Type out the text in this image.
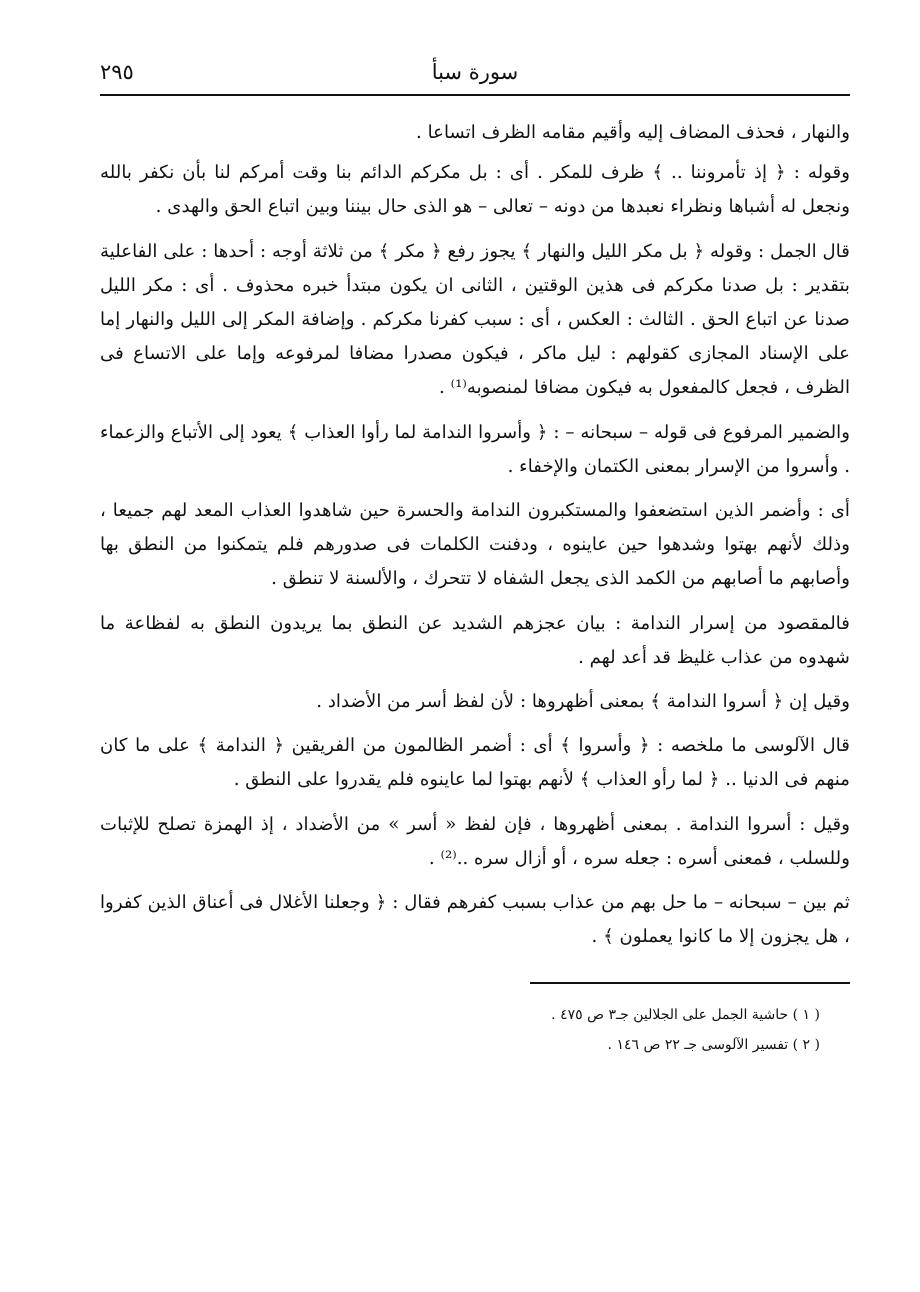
سورة سبأ
٢٩٥

والنهار ، فحذف المضاف إليه وأقيم مقامه الظرف اتساعا .

وقوله : ﴿ إذ تأمروننا .. ﴾ ظرف للمكر . أى : بل مكركم الدائم بنا وقت أمركم لنا بأن نكفر بالله ونجعل له أشباها ونظراء نعبدها من دونه – تعالى – هو الذى حال بيننا وبين اتباع الحق والهدى .

قال الجمل : وقوله ﴿ بل مكر الليل والنهار ﴾ يجوز رفع ﴿ مكر ﴾ من ثلاثة أوجه : أحدها : على الفاعلية بتقدير : بل صدنا مكركم فى هذين الوقتين ، الثانى ان يكون مبتدأ خبره محذوف . أى : مكر الليل صدنا عن اتباع الحق . الثالث : العكس ، أى : سبب كفرنا مكركم . وإضافة المكر إلى الليل والنهار إما على الإسناد المجازى كقولهم : ليل ماكر ، فيكون مصدرا مضافا لمرفوعه وإما على الاتساع فى الظرف ، فجعل كالمفعول به فيكون مضافا لمنصوبه⁽¹⁾ .

والضمير المرفوع فى قوله – سبحانه – : ﴿ وأسروا الندامة لما رأوا العذاب ﴾ يعود إلى الأتباع والزعماء . وأسروا من الإسرار بمعنى الكتمان والإخفاء .

أى : وأضمر الذين استضعفوا والمستكبرون الندامة والحسرة حين شاهدوا العذاب المعد لهم جميعا ، وذلك لأنهم بهتوا وشدهوا حين عاينوه ، ودفنت الكلمات فى صدورهم فلم يتمكنوا من النطق بها وأصابهم ما أصابهم من الكمد الذى يجعل الشفاه لا تتحرك ، والألسنة لا تنطق .

فالمقصود من إسرار الندامة : بيان عجزهم الشديد عن النطق بما يريدون النطق به لفظاعة ما شهدوه من عذاب غليظ قد أعد لهم .

وقيل إن ﴿ أسروا الندامة ﴾ بمعنى أظهروها : لأن لفظ أسر من الأضداد .

قال الآلوسى ما ملخصه : ﴿ وأسروا ﴾ أى : أضمر الظالمون من الفريقين ﴿ الندامة ﴾ على ما كان منهم فى الدنيا .. ﴿ لما رأو العذاب ﴾ لأنهم بهتوا لما عاينوه فلم يقدروا على النطق .

وقيل : أسروا الندامة . بمعنى أظهروها ، فإن لفظ « أسر » من الأضداد ، إذ الهمزة تصلح للإثبات وللسلب ، فمعنى أسره : جعله سره ، أو أزال سره ..⁽²⁾ .

ثم بين – سبحانه – ما حل بهم من عذاب بسبب كفرهم فقال : ﴿ وجعلنا الأغلال فى أعناق الذين كفروا ، هل يجزون إلا ما كانوا يعملون ﴾ .

( ١ ) حاشية الجمل على الجلالين جـ٣ ص ٤٧٥ .
( ٢ ) تفسير الآلوسى جـ ٢٢ ص ١٤٦ .
